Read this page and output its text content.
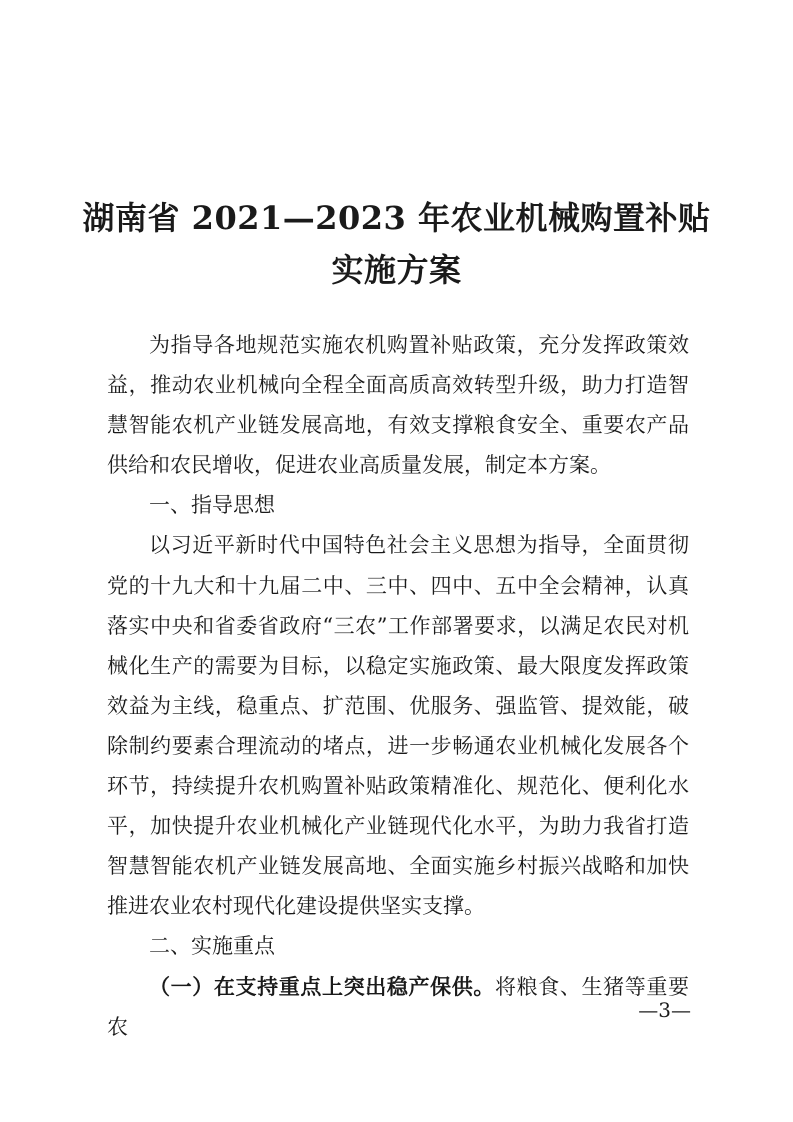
湖南省 2021—2023 年农业机械购置补贴
实施方案

为指导各地规范实施农机购置补贴政策，充分发挥政策效益，推动农业机械向全程全面高质高效转型升级，助力打造智慧智能农机产业链发展高地，有效支撑粮食安全、重要农产品供给和农民增收，促进农业高质量发展，制定本方案。

一、指导思想

以习近平新时代中国特色社会主义思想为指导，全面贯彻党的十九大和十九届二中、三中、四中、五中全会精神，认真落实中央和省委省政府“三农”工作部署要求，以满足农民对机械化生产的需要为目标，以稳定实施政策、最大限度发挥政策效益为主线，稳重点、扩范围、优服务、强监管、提效能，破除制约要素合理流动的堵点，进一步畅通农业机械化发展各个环节，持续提升农机购置补贴政策精准化、规范化、便利化水平，加快提升农业机械化产业链现代化水平，为助力我省打造智慧智能农机产业链发展高地、全面实施乡村振兴战略和加快推进农业农村现代化建设提供坚实支撑。

二、实施重点

（一）在支持重点上突出稳产保供。将粮食、生猪等重要农

—3—
